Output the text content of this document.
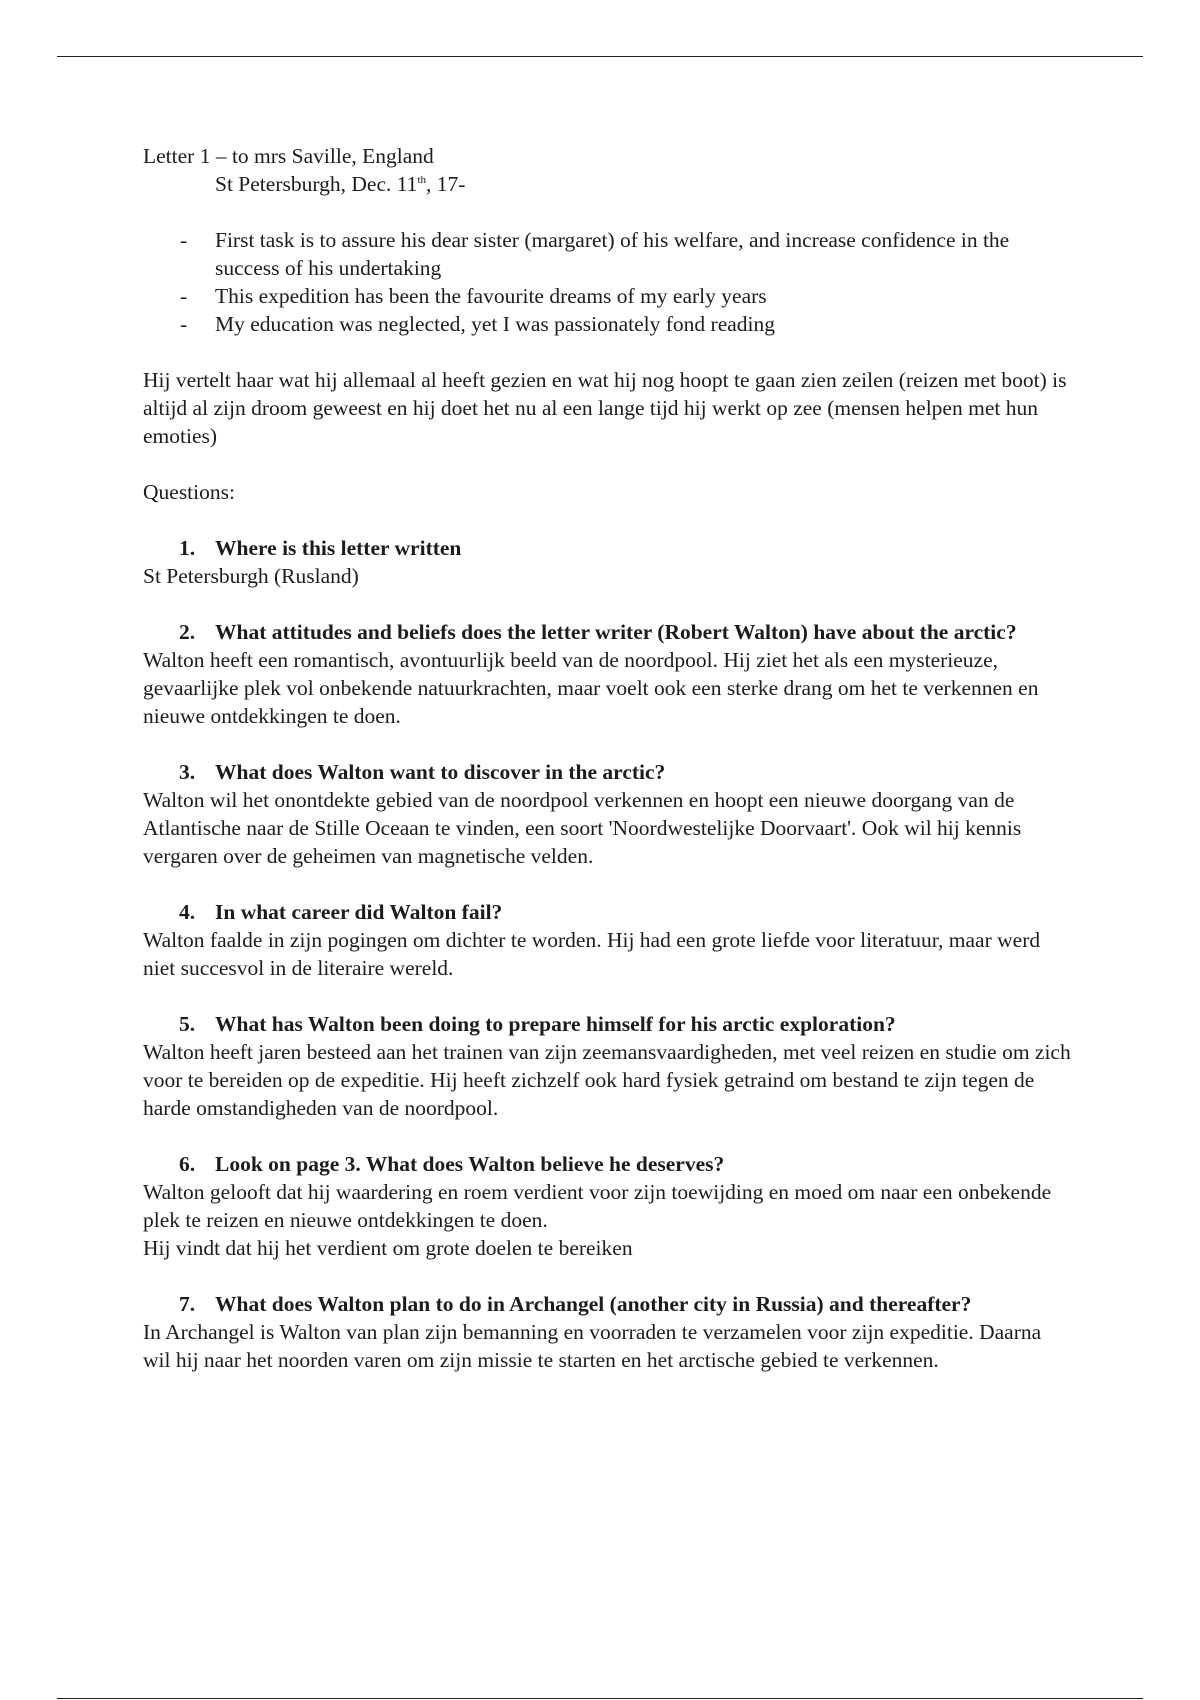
Letter 1 – to mrs Saville, England

St Petersburgh, Dec. 11th, 17-

- First task is to assure his dear sister (margaret) of his welfare, and increase confidence in the success of his undertaking
- This expedition has been the favourite dreams of my early years
- My education was neglected, yet I was passionately fond reading

Hij vertelt haar wat hij allemaal al heeft gezien en wat hij nog hoopt te gaan zien zeilen (reizen met boot) is altijd al zijn droom geweest en hij doet het nu al een lange tijd hij werkt op zee (mensen helpen met hun emoties)

Questions:

1. Where is this letter written

St Petersburgh (Rusland)

2. What attitudes and beliefs does the letter writer (Robert Walton) have about the arctic?

Walton heeft een romantisch, avontuurlijk beeld van de noordpool. Hij ziet het als een mysterieuze, gevaarlijke plek vol onbekende natuurkrachten, maar voelt ook een sterke drang om het te verkennen en nieuwe ontdekkingen te doen.

3. What does Walton want to discover in the arctic?

Walton wil het onontdekte gebied van de noordpool verkennen en hoopt een nieuwe doorgang van de Atlantische naar de Stille Oceaan te vinden, een soort 'Noordwestelijke Doorvaart'. Ook wil hij kennis vergaren over de geheimen van magnetische velden.

4. In what career did Walton fail?

Walton faalde in zijn pogingen om dichter te worden. Hij had een grote liefde voor literatuur, maar werd niet succesvol in de literaire wereld.

5. What has Walton been doing to prepare himself for his arctic exploration?

Walton heeft jaren besteed aan het trainen van zijn zeemansvaardigheden, met veel reizen en studie om zich voor te bereiden op de expeditie. Hij heeft zichzelf ook hard fysiek getraind om bestand te zijn tegen de harde omstandigheden van de noordpool.

6. Look on page 3. What does Walton believe he deserves?

Walton gelooft dat hij waardering en roem verdient voor zijn toewijding en moed om naar een onbekende plek te reizen en nieuwe ontdekkingen te doen.

Hij vindt dat hij het verdient om grote doelen te bereiken

7. What does Walton plan to do in Archangel (another city in Russia) and thereafter?

In Archangel is Walton van plan zijn bemanning en voorraden te verzamelen voor zijn expeditie. Daarna wil hij naar het noorden varen om zijn missie te starten en het arctische gebied te verkennen.
